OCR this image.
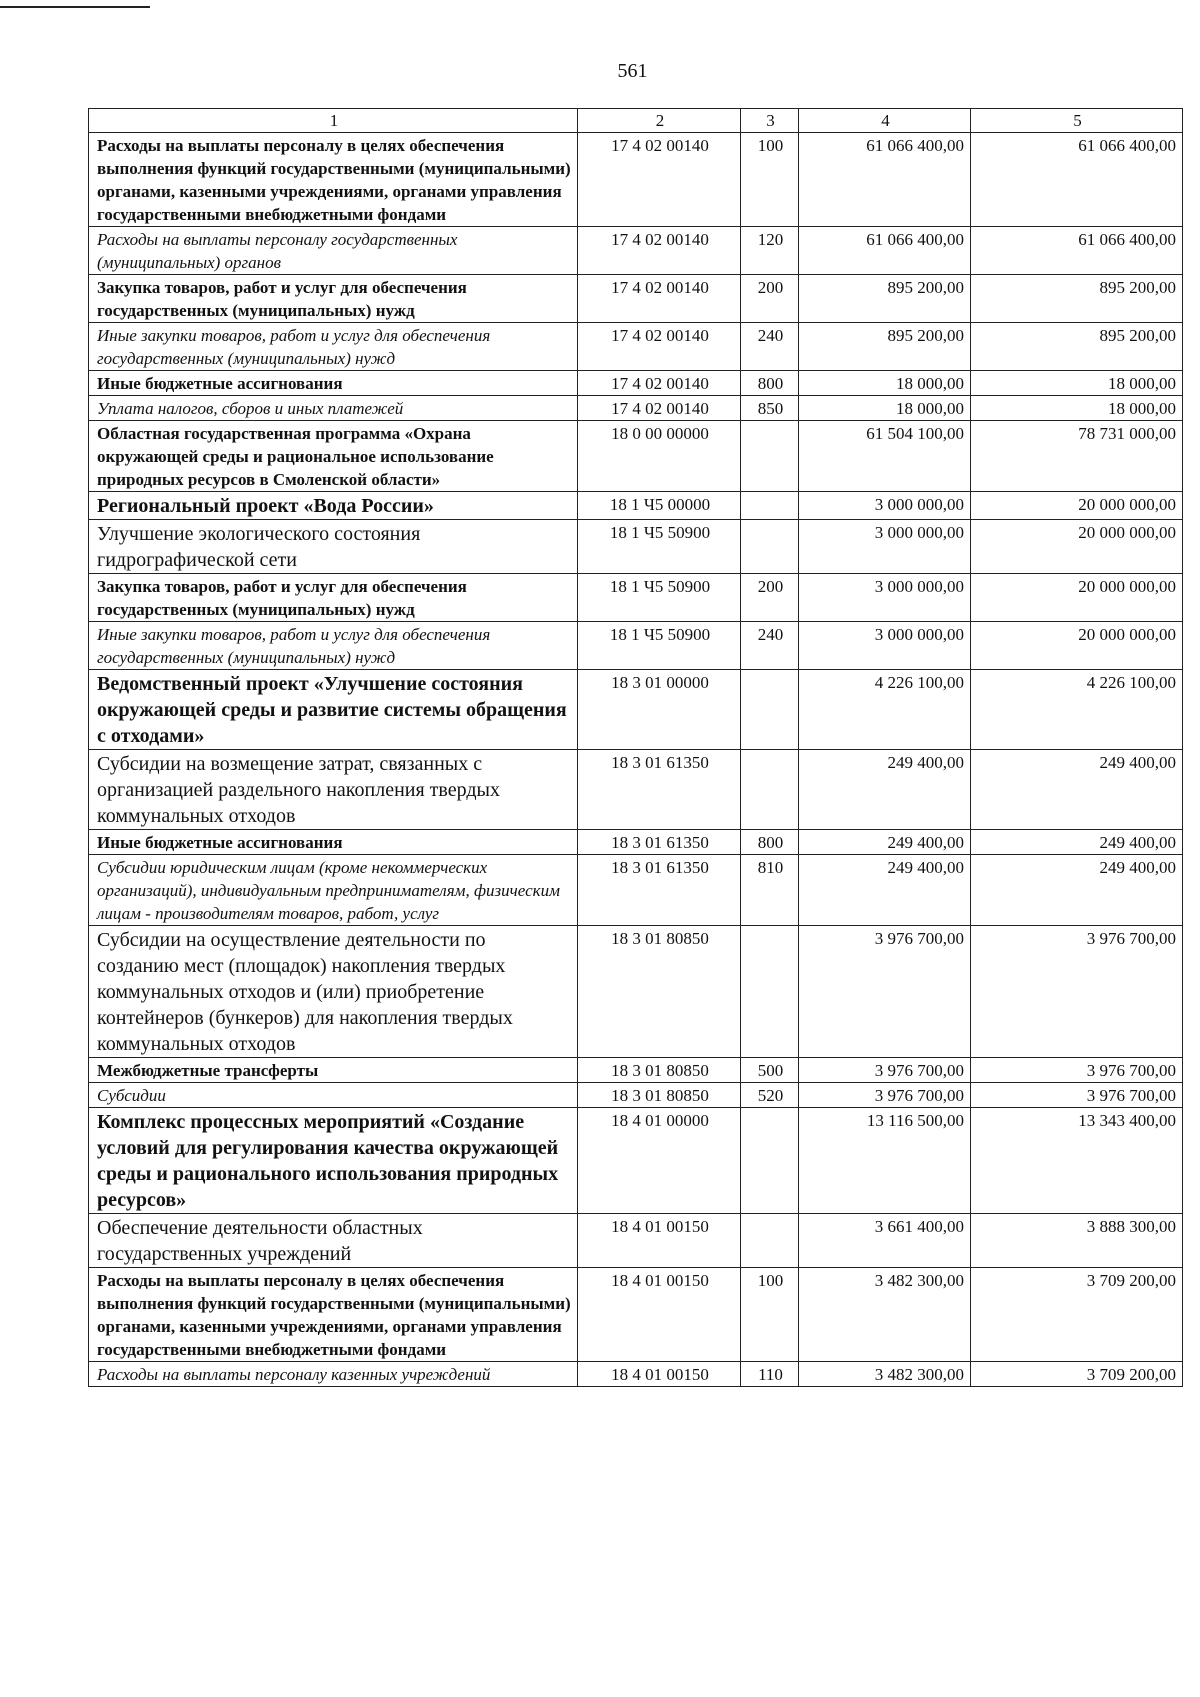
561
1	2	3	4	5
Расходы на выплаты персоналу в целях обеспечения выполнения функций государственными (муниципальными) органами, казенными учреждениями, органами управления государственными внебюджетными фондами	17 4 02 00140	100	61 066 400,00	61 066 400,00
Расходы на выплаты персоналу государственных (муниципальных) органов	17 4 02 00140	120	61 066 400,00	61 066 400,00
Закупка товаров, работ и услуг для обеспечения государственных (муниципальных) нужд	17 4 02 00140	200	895 200,00	895 200,00
Иные закупки товаров, работ и услуг для обеспечения государственных (муниципальных) нужд	17 4 02 00140	240	895 200,00	895 200,00
Иные бюджетные ассигнования	17 4 02 00140	800	18 000,00	18 000,00
Уплата налогов, сборов и иных платежей	17 4 02 00140	850	18 000,00	18 000,00
Областная государственная программа «Охрана окружающей среды и рациональное использование природных ресурсов в Смоленской области»	18 0 00 00000		61 504 100,00	78 731 000,00
Региональный проект «Вода России»	18 1 Ч5 00000		3 000 000,00	20 000 000,00
Улучшение экологического состояния гидрографической сети	18 1 Ч5 50900		3 000 000,00	20 000 000,00
Закупка товаров, работ и услуг для обеспечения государственных (муниципальных) нужд	18 1 Ч5 50900	200	3 000 000,00	20 000 000,00
Иные закупки товаров, работ и услуг для обеспечения государственных (муниципальных) нужд	18 1 Ч5 50900	240	3 000 000,00	20 000 000,00
Ведомственный проект «Улучшение состояния окружающей среды и развитие системы обращения с отходами»	18 3 01 00000		4 226 100,00	4 226 100,00
Субсидии на возмещение затрат, связанных с организацией раздельного накопления твердых коммунальных отходов	18 3 01 61350		249 400,00	249 400,00
Иные бюджетные ассигнования	18 3 01 61350	800	249 400,00	249 400,00
Субсидии юридическим лицам (кроме некоммерческих организаций), индивидуальным предпринимателям, физическим лицам - производителям товаров, работ, услуг	18 3 01 61350	810	249 400,00	249 400,00
Субсидии на осуществление деятельности по созданию мест (площадок) накопления твердых коммунальных отходов и (или) приобретение контейнеров (бункеров) для накопления твердых коммунальных отходов	18 3 01 80850		3 976 700,00	3 976 700,00
Межбюджетные трансферты	18 3 01 80850	500	3 976 700,00	3 976 700,00
Субсидии	18 3 01 80850	520	3 976 700,00	3 976 700,00
Комплекс процессных мероприятий «Создание условий для регулирования качества окружающей среды и рационального использования природных ресурсов»	18 4 01 00000		13 116 500,00	13 343 400,00
Обеспечение деятельности областных государственных учреждений	18 4 01 00150		3 661 400,00	3 888 300,00
Расходы на выплаты персоналу в целях обеспечения выполнения функций государственными (муниципальными) органами, казенными учреждениями, органами управления государственными внебюджетными фондами	18 4 01 00150	100	3 482 300,00	3 709 200,00
Расходы на выплаты персоналу казенных учреждений	18 4 01 00150	110	3 482 300,00	3 709 200,00
